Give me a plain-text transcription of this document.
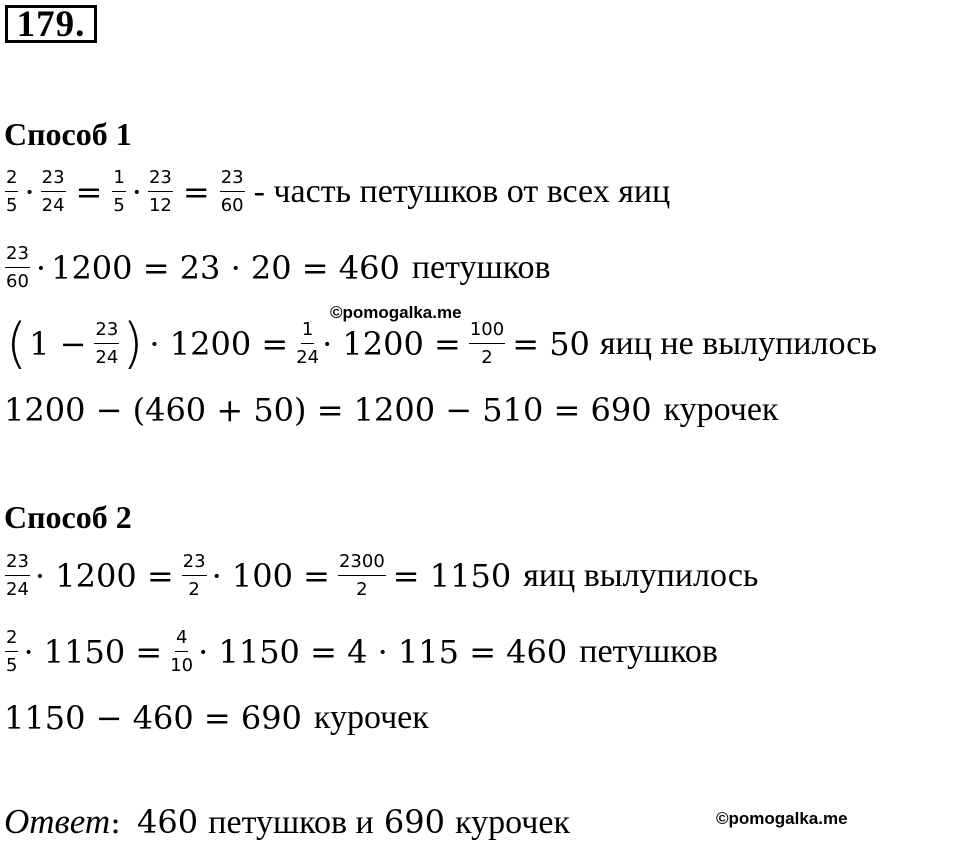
179.
Способ 1
$\frac{2}{5} \cdot \frac{23}{24} = \frac{1}{5} \cdot \frac{23}{12} = \frac{23}{60}$ - часть петушков от всех яиц
$\frac{23}{60} \cdot 1200 = 23 \cdot 20 = 460$ петушков
©pomogalka.me
( $1 - \frac{23}{24}$ ) · $1200 = \frac{1}{24} \cdot 1200 = \frac{100}{2} = 50$ яиц не вылупилось
1200 − (460 + 50) = 1200 − 510 = 690 курочек
Способ 2
$\frac{23}{24} \cdot 1200 = \frac{23}{2} \cdot 100 = \frac{2300}{2} = 1150$ яиц вылупилось
$\frac{2}{5} \cdot 1150 = \frac{4}{10} \cdot 1150 = 4 \cdot 115 = 460$ петушков
1150 − 460 = 690 курочек
Ответ: 460 петушков и 690 курочек	©pomogalka.me
